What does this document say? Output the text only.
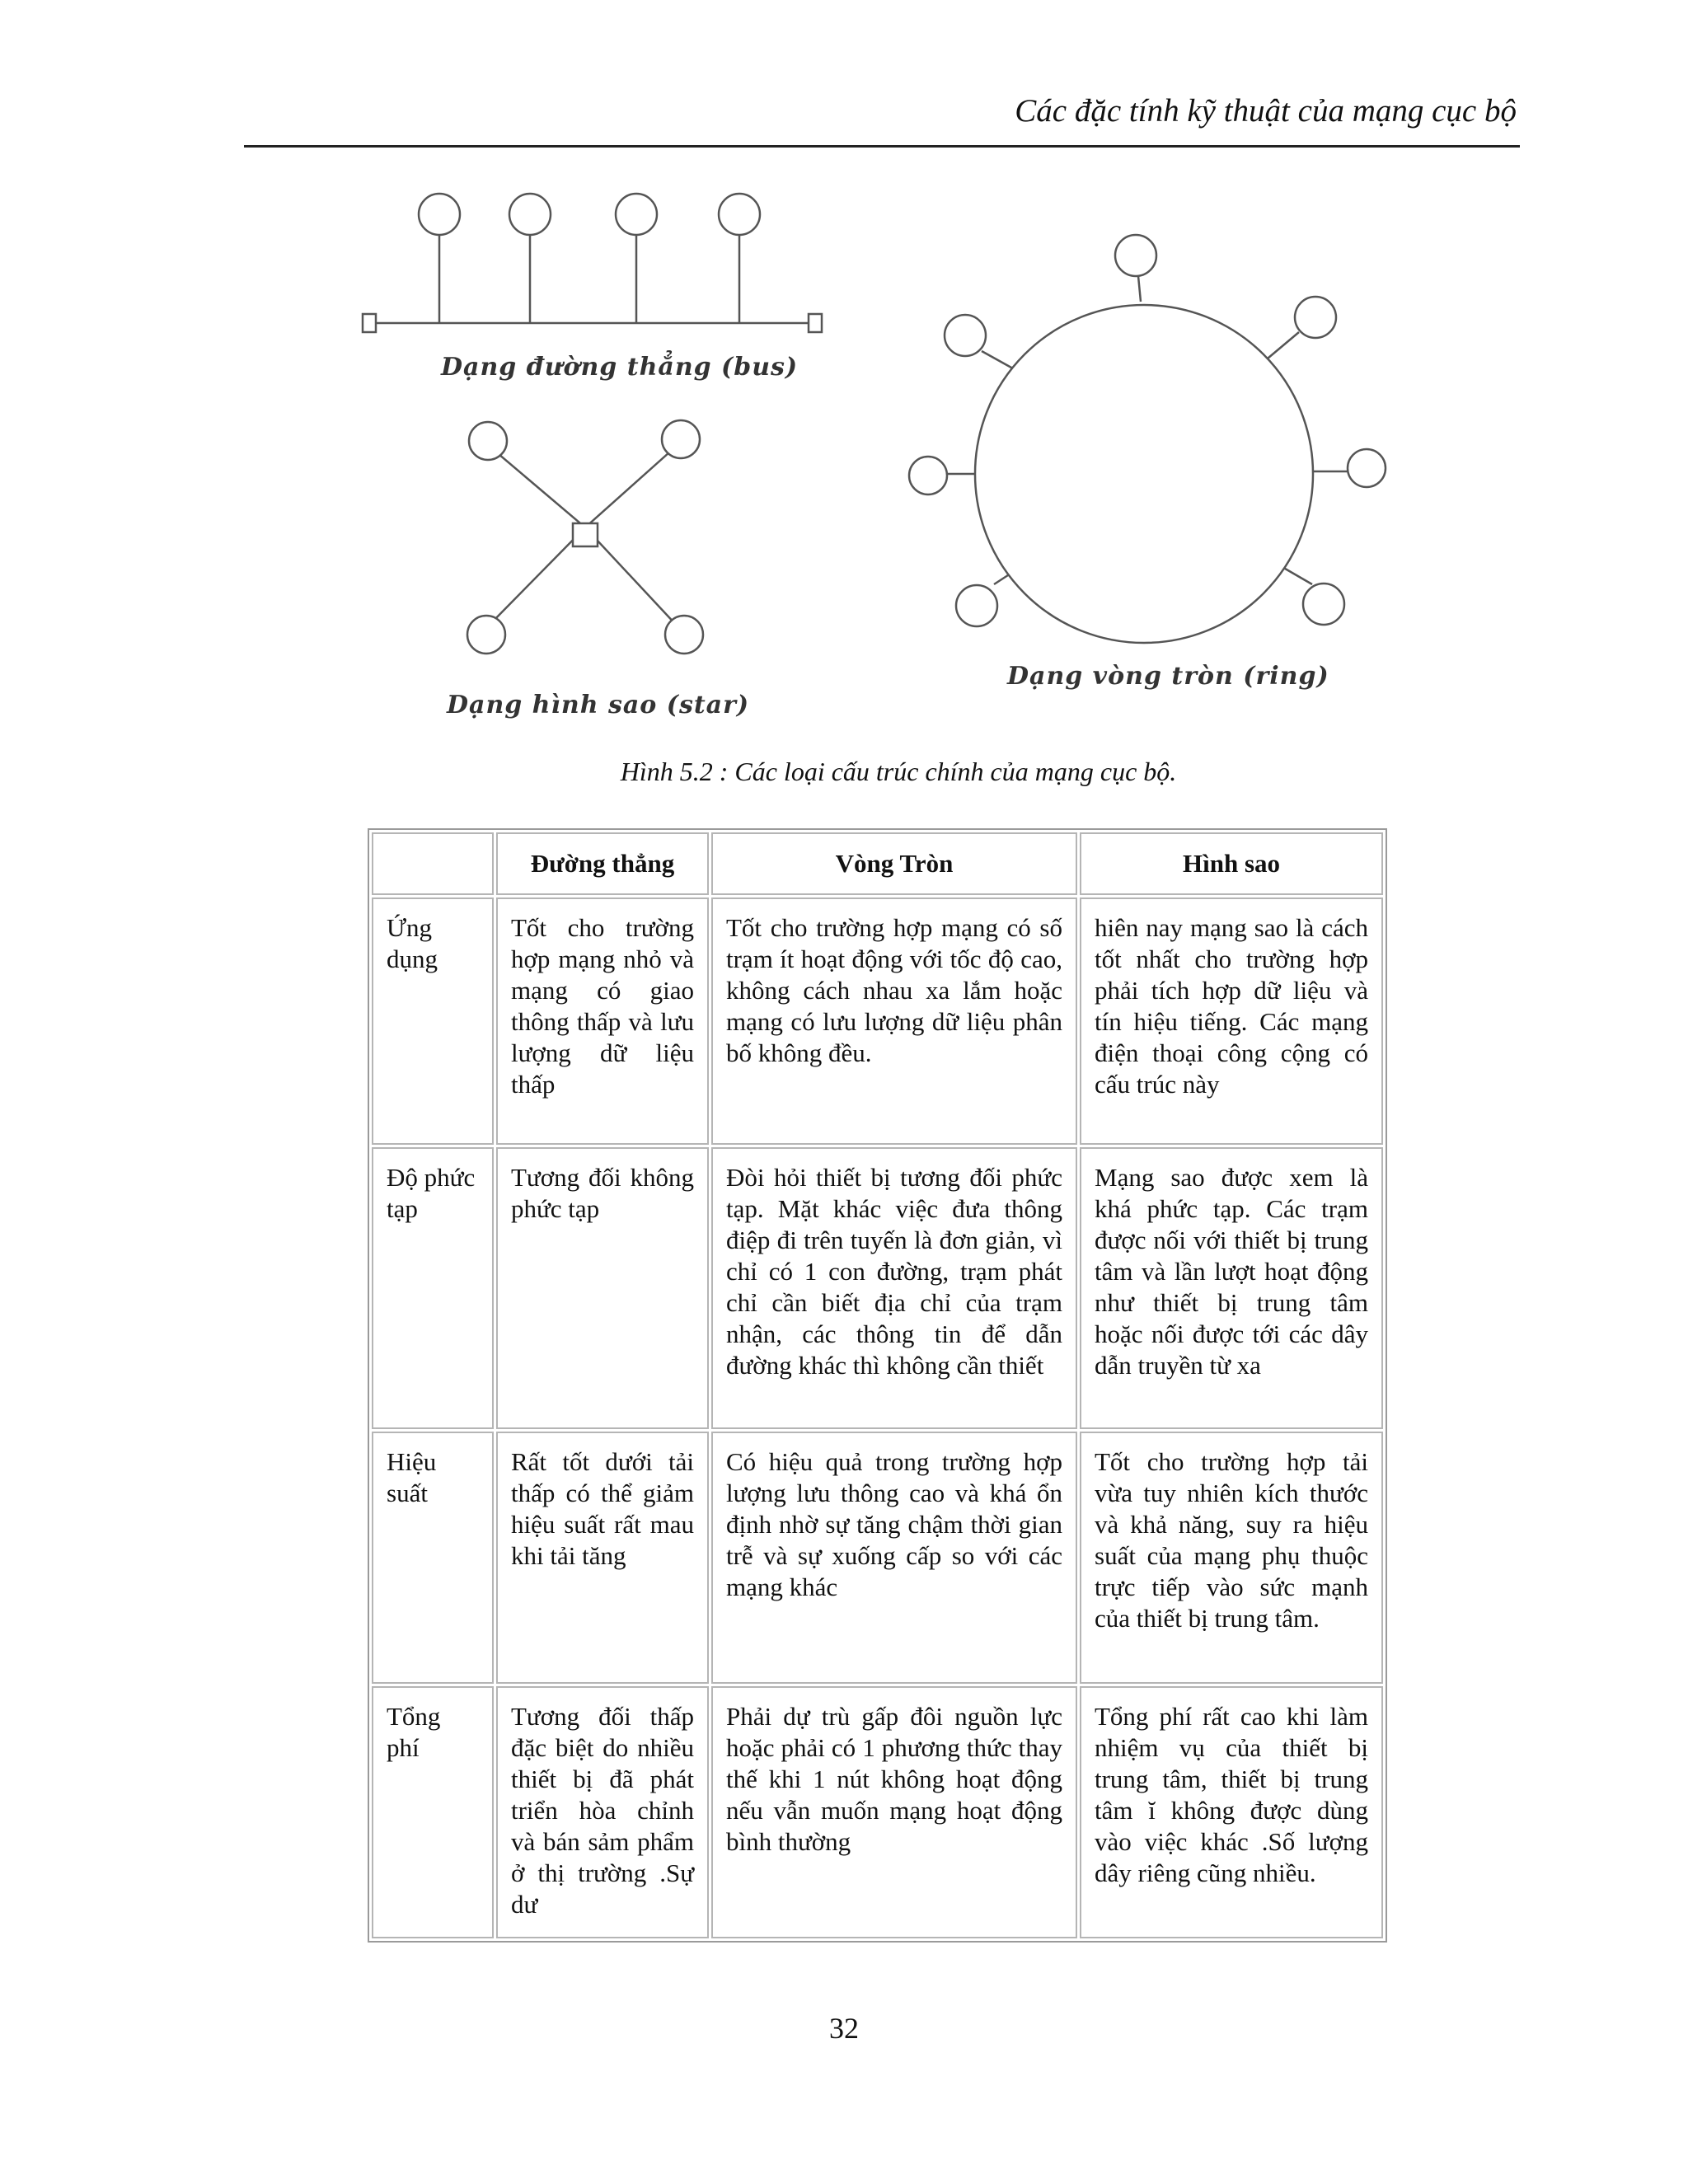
Các đặc tính kỹ thuật của mạng cục bộ
Dạng đường thẳng (bus)
Dạng hình sao (star)
Dạng vòng tròn (ring)
Hình 5.2 : Các loại cấu trúc chính của mạng cục bộ.
	Đường thẳng	Vòng Tròn	Hình sao
Ứng dụng	Tốt cho trường hợp mạng nhỏ và mạng có giao thông thấp và lưu lượng dữ liệu thấp	Tốt cho trường hợp mạng có số trạm ít hoạt động với tốc độ cao, không cách nhau xa lắm hoặc mạng có lưu lượng dữ liệu phân bố không đều.	hiên nay mạng sao là cách tốt nhất cho trường hợp phải tích hợp dữ liệu và tín hiệu tiếng. Các mạng điện thoại công cộng có cấu trúc này
Độ phức tạp	Tương đối không phức tạp	Đòi hỏi thiết bị tương đối phức tạp. Mặt khác việc đưa thông điệp đi trên tuyến là đơn giản, vì chỉ có 1 con đường, trạm phát chỉ cần biết địa chỉ của trạm nhận, các thông tin để dẫn đường khác thì không cần thiết	Mạng sao được xem là khá phức tạp. Các trạm được nối với thiết bị trung tâm và lần lượt hoạt động như thiết bị trung tâm hoặc nối được tới các dây dẫn truyền từ xa
Hiệu suất	Rất tốt dưới tải thấp có thể giảm hiệu suất rất mau khi tải tăng	Có hiệu quả trong trường hợp lượng lưu thông cao và khá ổn định nhờ sự tăng chậm thời gian trễ và sự xuống cấp so với các mạng khác	Tốt cho trường hợp tải vừa tuy nhiên kích thước và khả năng, suy ra hiệu suất của mạng phụ thuộc trực tiếp vào sức mạnh của thiết bị trung tâm.
Tổng phí	Tương đối thấp đặc biệt do nhiều thiết bị đã phát triển hòa chỉnh và bán sảm phẩm ở thị trường .Sự dư	Phải dự trù gấp đôi nguồn lực hoặc phải có 1 phương thức thay thế khi 1 nút không hoạt động nếu vẫn muốn mạng hoạt động bình thường	Tổng phí rất cao khi làm nhiệm vụ của thiết bị trung tâm, thiết bị trung tâm ĭ không được dùng vào việc khác .Số lượng dây riêng cũng nhiều.
32
